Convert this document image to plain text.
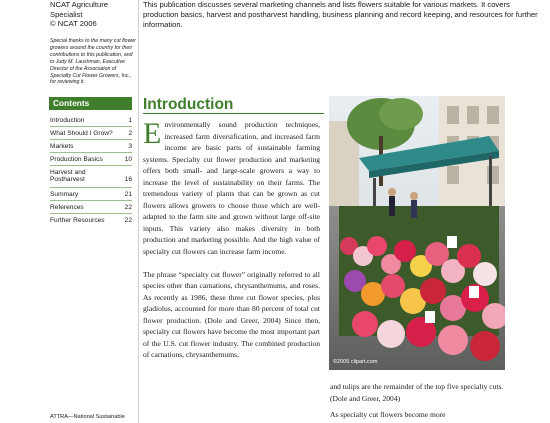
NCAT Agriculture
Specialist
© NCAT 2006
Special thanks to the many cut flower growers around the country for their contributions to this publication, and to Judy M. Laushman, Executive Director of the Association of Specialty Cut Flower Growers, Inc., for reviewing it.
Contents
Introduction	1
What Should I Grow? 2
Markets	3
Production Basics	10
Harvest and
Postharvest	16
Summary	21
References	22
Further Resources	22
ATTRA—National Sustainable
This publication discusses several marketing channels and lists flowers suitable for various markets. It covers production basics, harvest and postharvest handling, business planning and record keeping, and resources for further information.
Introduction

Environmentally sound production techniques, increased farm diversification, and increased farm income are basic parts of sustainable farming systems. Specialty cut flower production and marketing offers both small- and large-scale growers a way to increase the level of sustainability on their farms. The tremendous variety of plants that can be grown as cut flowers allows growers to choose those which are well-adapted to the farm site and grown without large off-site inputs. This variety also makes diversity in both production and marketing possible. And the high value of specialty cut flowers can increase farm income.

The phrase “specialty cut flower” originally referred to all species other than carnations, chrysanthemums, and roses. As recently as 1986, these three cut flower species, plus gladiolus, accounted for more than 80 percent of total cut flower production. (Dole and Greer, 2004) Since then, specialty cut flowers have become the most important part of the U.S. cut flower industry. The combined production of carnations, chrysanthemums,

©2005 clipart.com

and tulips are the remainder of the top five specialty cuts. (Dole and Greer, 2004)

As specialty cut flowers become more
